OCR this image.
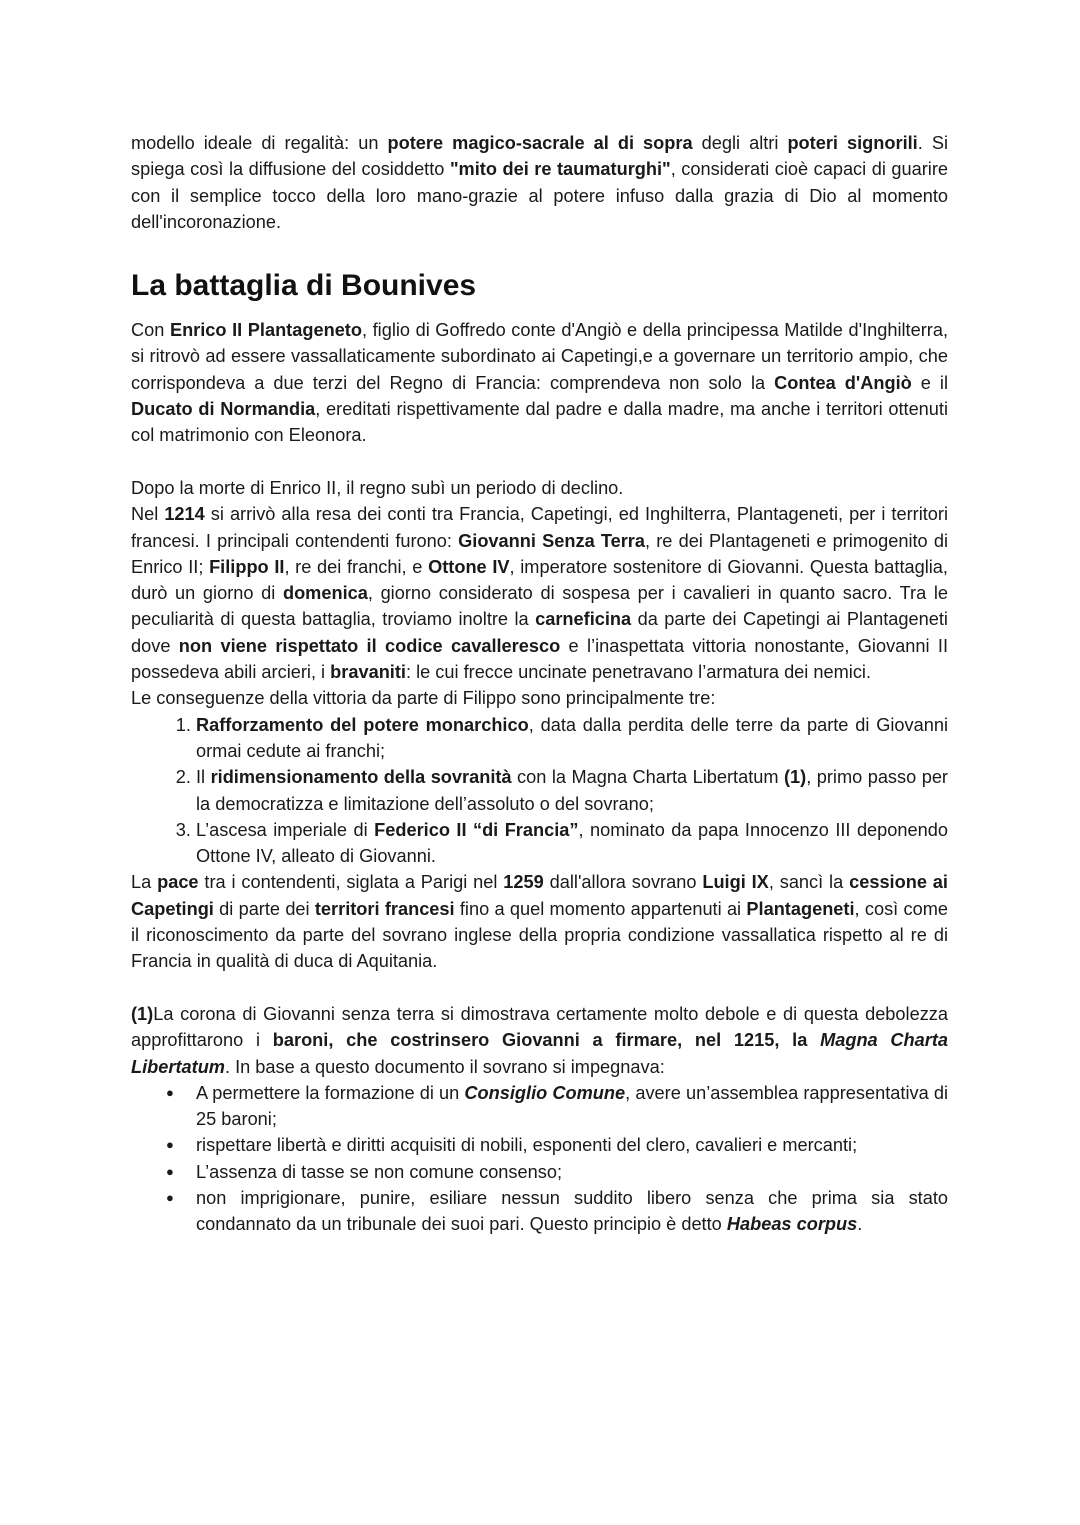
modello ideale di regalità: un potere magico-sacrale al di sopra degli altri poteri signorili. Si spiega così la diffusione del cosiddetto "mito dei re taumaturghi", considerati cioè capaci di guarire con il semplice tocco della loro mano-grazie al potere infuso dalla grazia di Dio al momento dell'incoronazione.

La battaglia di Bounives

Con Enrico II Plantageneto, figlio di Goffredo conte d'Angiò e della principessa Matilde d'Inghilterra, si ritrovò ad essere vassallaticamente subordinato ai Capetingi,e a governare un territorio ampio, che corrispondeva a due terzi del Regno di Francia: comprendeva non solo la Contea d'Angiò e il Ducato di Normandia, ereditati rispettivamente dal padre e dalla madre, ma anche i territori ottenuti col matrimonio con Eleonora.

Dopo la morte di Enrico II, il regno subì un periodo di declino.

Nel 1214 si arrivò alla resa dei conti tra Francia, Capetingi, ed Inghilterra, Plantageneti, per i territori francesi. I principali contendenti furono: Giovanni Senza Terra, re dei Plantageneti e primogenito di Enrico II; Filippo II, re dei franchi, e Ottone IV, imperatore sostenitore di Giovanni. Questa battaglia, durò un giorno di domenica, giorno considerato di sospesa per i cavalieri in quanto sacro. Tra le peculiarità di questa battaglia, troviamo inoltre la carneficina da parte dei Capetingi ai Plantageneti dove non viene rispettato il codice cavalleresco e l’inaspettata vittoria nonostante, Giovanni II possedeva abili arcieri, i bravaniti: le cui frecce uncinate penetravano l’armatura dei nemici.

Le conseguenze della vittoria da parte di Filippo sono principalmente tre:

1. Rafforzamento del potere monarchico, data dalla perdita delle terre da parte di Giovanni ormai cedute ai franchi;
2. Il ridimensionamento della sovranità con la Magna Charta Libertatum (1), primo passo per la democratizza e limitazione dell’assoluto o del sovrano;
3. L’ascesa imperiale di Federico II “di Francia”, nominato da papa Innocenzo III deponendo Ottone IV, alleato di Giovanni.

La pace tra i contendenti, siglata a Parigi nel 1259 dall'allora sovrano Luigi IX, sancì la cessione ai Capetingi di parte dei territori francesi fino a quel momento appartenuti ai Plantageneti, così come il riconoscimento da parte del sovrano inglese della propria condizione vassallatica rispetto al re di Francia in qualità di duca di Aquitania.

(1)La corona di Giovanni senza terra si dimostrava certamente molto debole e di questa debolezza approfittarono i baroni, che costrinsero Giovanni a firmare, nel 1215, la Magna Charta Libertatum. In base a questo documento il sovrano si impegnava:

● A permettere la formazione di un Consiglio Comune, avere un’assemblea rappresentativa di 25 baroni;
● rispettare libertà e diritti acquisiti di nobili, esponenti del clero, cavalieri e mercanti;
● L’assenza di tasse se non comune consenso;
● non imprigionare, punire, esiliare nessun suddito libero senza che prima sia stato condannato da un tribunale dei suoi pari. Questo principio è detto Habeas corpus.
